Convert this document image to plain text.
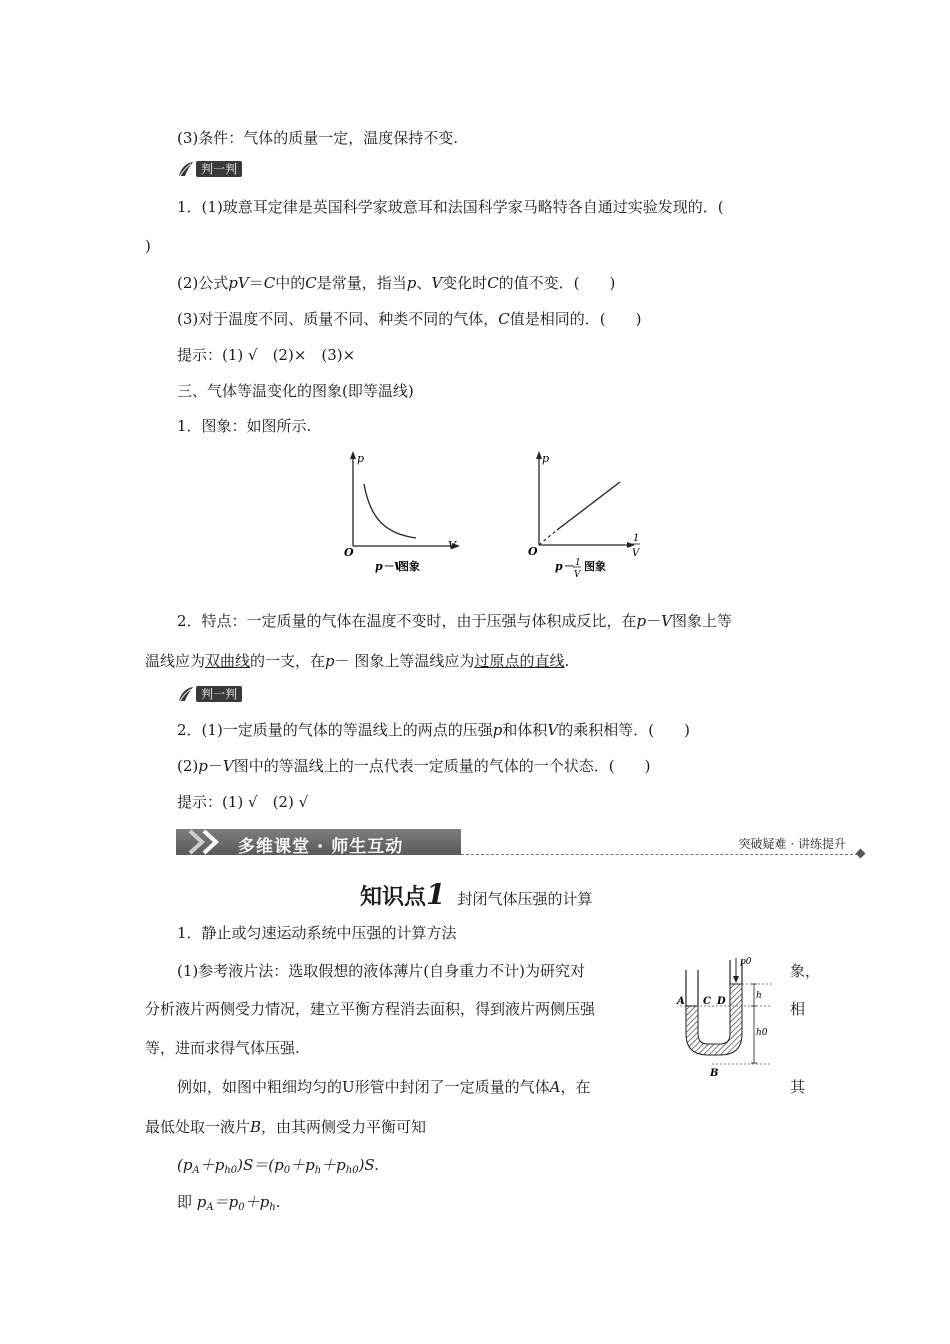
(3)条件：气体的质量一定，温度保持不变.
判一判
1．(1)玻意耳定律是英国科学家玻意耳和法国科学家马略特各自通过实验发现的．(
)
(2)公式pV＝C中的C是常量，指当p、V变化时C的值不变．(　　)
(3)对于温度不同、质量不同、种类不同的气体，C值是相同的．(　　)
提示：(1) √　(2)×　(3)×
三、气体等温变化的图象(即等温线)
1．图象：如图所示.
p
V
O
p－V
图象
p
1
V
O
p－ 1
V
图象
2．特点：一定质量的气体在温度不变时，由于压强与体积成反比，在p－V图象上等
温线应为双曲线的一支，在p－ 图象上等温线应为过原点的直线.
判一判
2．(1)一定质量的气体的等温线上的两点的压强p和体积V的乘积相等．(　　)
(2)p－V图中的等温线上的一点代表一定质量的气体的一个状态．(　　)
提示：(1) √　(2) √
多维课堂 · 师生互动	突破疑难 · 讲练提升
知识点1 封闭气体压强的计算
1．静止或匀速运动系统中压强的计算方法
(1)参考液片法：选取假想的液体薄片(自身重力不计)为研究对	象，
分析液片两侧受力情况，建立平衡方程消去面积，得到液片两侧压强	相
等，进而求得气体压强.
例如，如图中粗细均匀的U形管中封闭了一定质量的气体A，在	其
最低处取一液片B，由其两侧受力平衡可知
$(p_A+p_{h0})S=(p_0+p_h+p_{h0})S$.
即 $p_A=p_0+p_h$.
p0
h
h0
A C D
B
